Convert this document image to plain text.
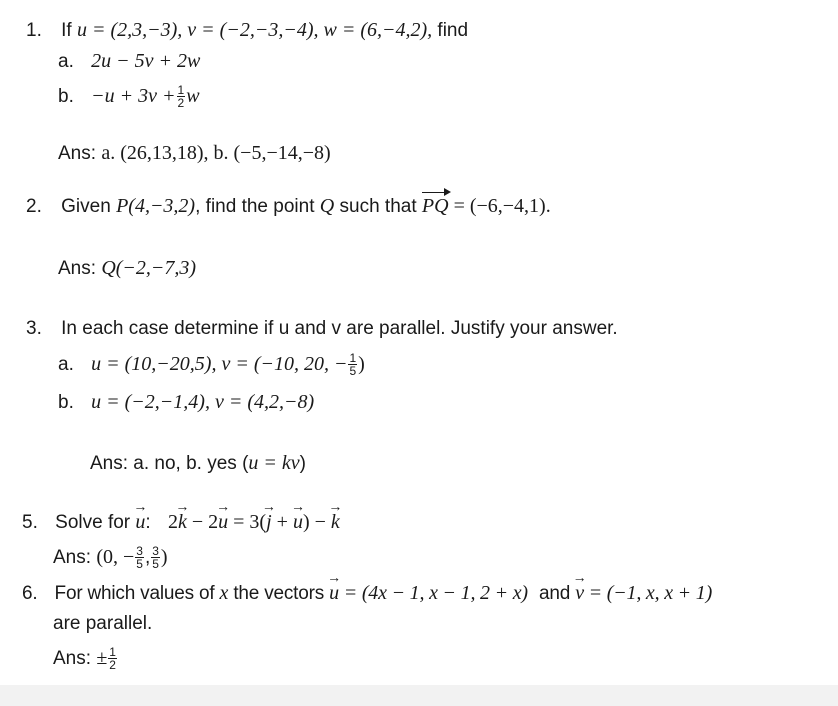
1. If u = (2,3,−3), v = (−2,−3,−4), w = (6,−4,2), find
a. 2u − 5v + 2w
b. $-u + 3v + \frac{1}{2}$ w
Ans: a. (26,13,18), b. (−5,−14,−8)
2. Given P(4,−3,2), find the point Q such that PQ = (−6,−4,1).
Ans: Q(−2,−7,3)
3. In each case determine if u and v are parallel. Justify your answer.
a. u = (10,−20,5), v = (−10, 20, − $\frac{1}{5}$ )
b. u = (−2,−1,4), v = (4,2,−8)
Ans: a. no, b. yes (u = kv)
5. Solve for → u: 2→ k − 2→ u = 3(→ j + → u) − → k
Ans: (0, − $\frac{3}{5}$ , $\frac{3}{5}$ )
6. For which values of x the vectors → u = (4x − 1, x − 1, 2 + x) and → v = (−1, x, x + 1)
are parallel.
Ans: ± $\frac{1}{2}$
